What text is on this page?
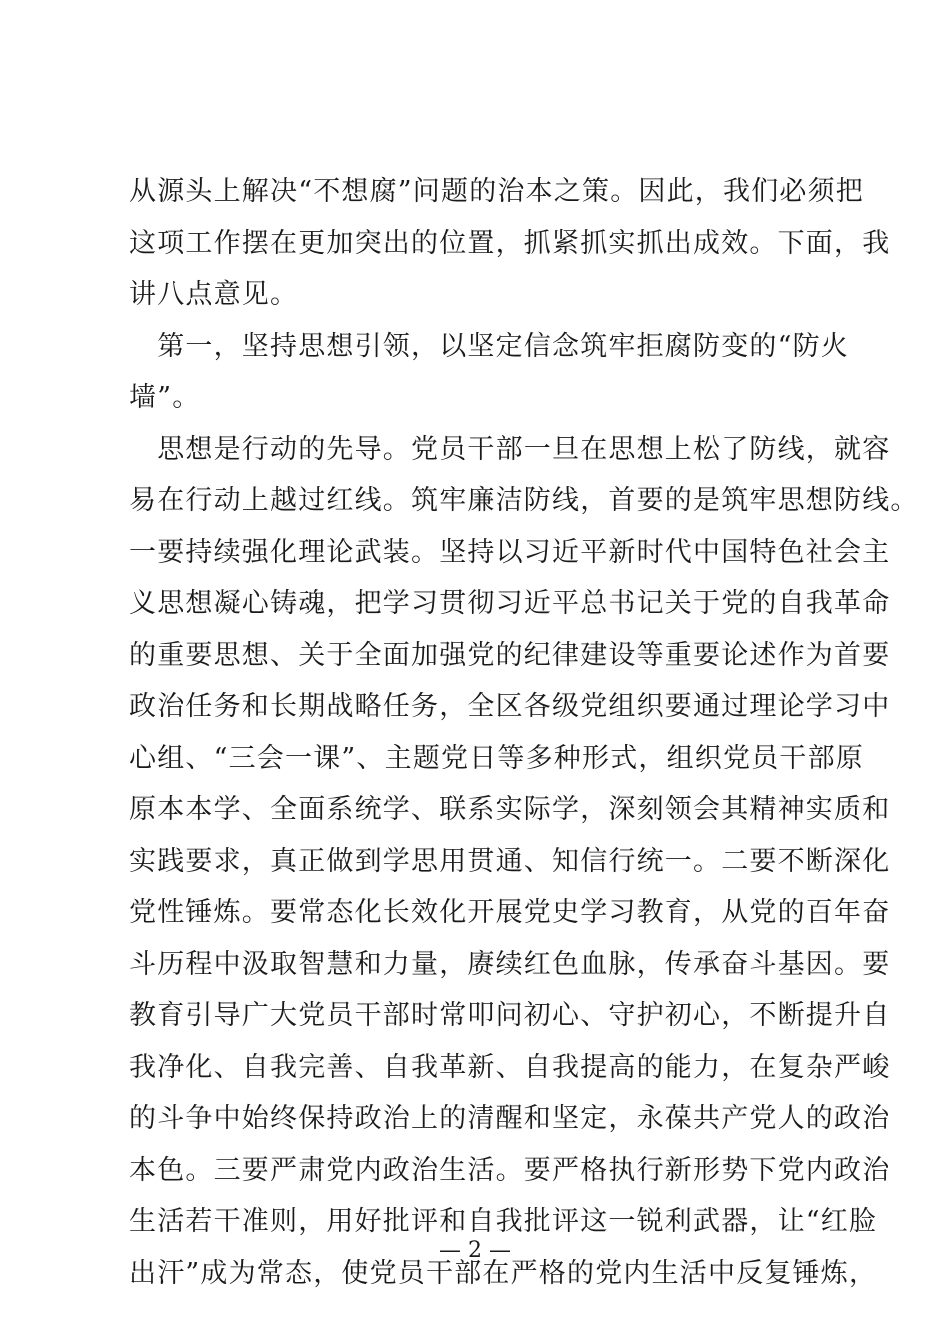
从源头上解决“不想腐”问题的治本之策。因此，我们必须把
这项工作摆在更加突出的位置，抓紧抓实抓出成效。下面，我
讲八点意见。
　第一，坚持思想引领，以坚定信念筑牢拒腐防变的“防火
墙”。
　思想是行动的先导。党员干部一旦在思想上松了防线，就容
易在行动上越过红线。筑牢廉洁防线，首要的是筑牢思想防线。
一要持续强化理论武装。坚持以习近平新时代中国特色社会主
义思想凝心铸魂，把学习贯彻习近平总书记关于党的自我革命
的重要思想、关于全面加强党的纪律建设等重要论述作为首要
政治任务和长期战略任务，全区各级党组织要通过理论学习中
心组、“三会一课”、主题党日等多种形式，组织党员干部原
原本本学、全面系统学、联系实际学，深刻领会其精神实质和
实践要求，真正做到学思用贯通、知信行统一。二要不断深化
党性锤炼。要常态化长效化开展党史学习教育，从党的百年奋
斗历程中汲取智慧和力量，赓续红色血脉，传承奋斗基因。要
教育引导广大党员干部时常叩问初心、守护初心，不断提升自
我净化、自我完善、自我革新、自我提高的能力，在复杂严峻
的斗争中始终保持政治上的清醒和坚定，永葆共产党人的政治
本色。三要严肃党内政治生活。要严格执行新形势下党内政治
生活若干准则，用好批评和自我批评这一锐利武器，让“红脸
出汗”成为常态，使党员干部在严格的党内生活中反复锤炼，
— 2 —
